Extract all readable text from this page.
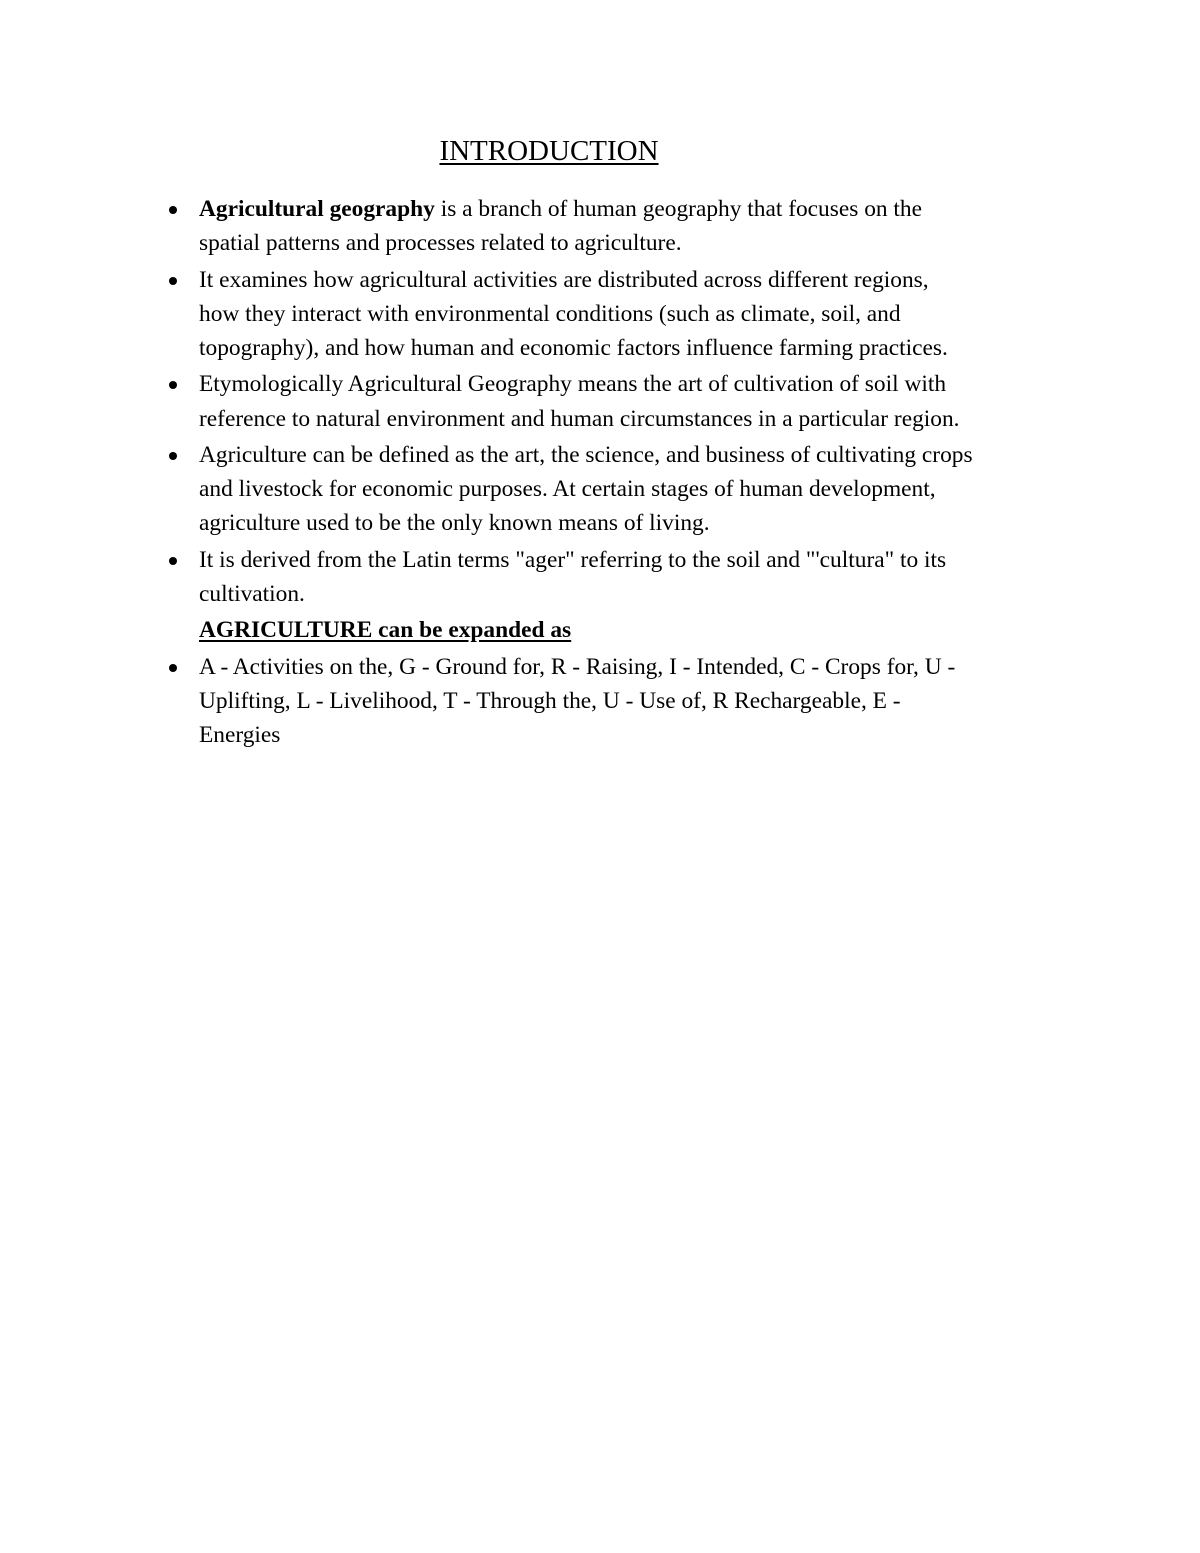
INTRODUCTION
Agricultural geography is a branch of human geography that focuses on the spatial patterns and processes related to agriculture.
It examines how agricultural activities are distributed across different regions, how they interact with environmental conditions (such as climate, soil, and topography), and how human and economic factors influence farming practices.
Etymologically Agricultural Geography means the art of cultivation of soil with reference to natural environment and human circumstances in a particular region.
Agriculture can be defined as the art, the science, and business of cultivating crops and livestock for economic purposes. At certain stages of human development, agriculture used to be the only known means of living.
It is derived from the Latin terms "ager" referring to the soil and "'cultura" to its cultivation.
AGRICULTURE can be expanded as
A - Activities on the, G - Ground for, R - Raising, I - Intended, C - Crops for, U - Uplifting, L - Livelihood, T - Through the, U - Use of, R Rechargeable, E - Energies
